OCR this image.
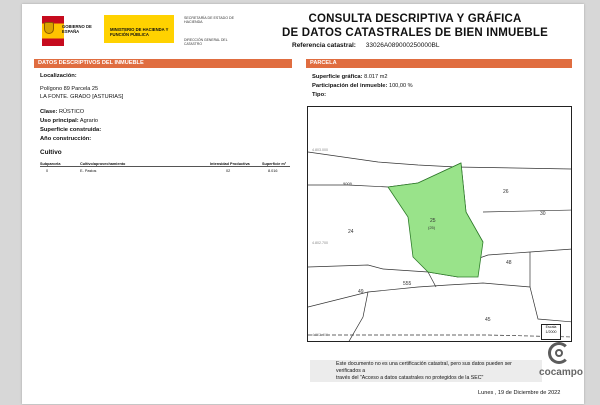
GOBIERNO DE ESPAÑA	MINISTERIO DE HACIENDA Y FUNCIÓN PÚBLICA
SECRETARÍA DE ESTADO DE HACIENDA
DIRECCIÓN GENERAL DEL CATASTRO
CONSULTA DESCRIPTIVA Y GRÁFICA
DE DATOS CATASTRALES DE BIEN INMUEBLE
Referencia catastral: 33026A089000250000BL
DATOS DESCRIPTIVOS DEL INMUEBLE	PARCELA
Localización:
Polígono 89 Parcela 25
LA FONTE. GRADO [ASTURIAS]
Clase: RÚSTICO
Uso principal: Agrario
Superficie construida:
Año construcción:
Cultivo
Subparcela	Cultivo/aprovechamiento	Intensidad Productiva	Superficie m²
0	E- Pastos	02	8.016
Superficie gráfica: 8.017 m2
Participación del inmueble: 100,00 %
Tipo:
25
(25)
24
26
30
48
555
45
49
9009
4.803.000
4.802.700
4.802.400
Escala
1/2000
Este documento no es una certificación catastral, pero sus datos pueden ser verificados a
través del "Acceso a datos catastrales no protegidos de la SEC"	cocampo
Lunes , 19 de Diciembre de 2022
